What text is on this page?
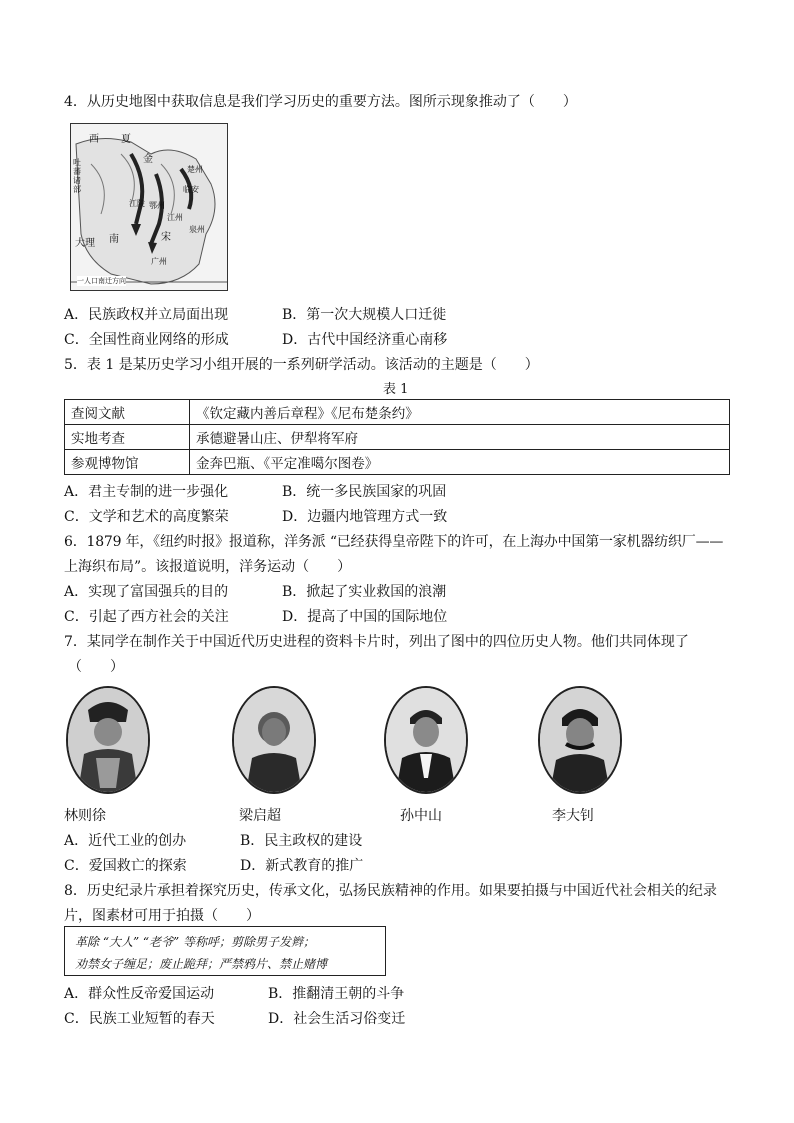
4．从历史地图中获取信息是我们学习历史的重要方法。图所示现象推动了（　　）
西 夏
金
吐蕃诸部
大理 南	宋
临安
鄂州
江陵
江州
广州
泉州
楚州
一人口南迁方向
A．民族政权并立局面出现	B．第一次大规模人口迁徙
C．全国性商业网络的形成	D．古代中国经济重心南移
5．表 1 是某历史学习小组开展的一系列研学活动。该活动的主题是（　　）
表 1
查阅文献	《钦定藏内善后章程》《尼布楚条约》
实地考查	承德避暑山庄、伊犁将军府
参观博物馆	金奔巴瓶、《平定准噶尔图卷》
A．君主专制的进一步强化	B．统一多民族国家的巩固
C．文学和艺术的高度繁荣	D．边疆内地管理方式一致
6．1879 年，《纽约时报》报道称，洋务派 “已经获得皇帝陛下的许可，在上海办中国第一家机器纺织厂——
上海织布局”。该报道说明，洋务运动（　　）
A．实现了富国强兵的目的	B．掀起了实业救国的浪潮
C．引起了西方社会的关注	D．提高了中国的国际地位
7．某同学在制作关于中国近代历史进程的资料卡片时，列出了图中的四位历史人物。他们共同体现了
（　　）
林则徐	梁启超	孙中山	李大钊
A．近代工业的创办	B．民主政权的建设
C．爱国救亡的探索	D．新式教育的推广
8．历史纪录片承担着探究历史，传承文化，弘扬民族精神的作用。如果要拍摄与中国近代社会相关的纪录
片，图素材可用于拍摄（　　）
革除 “大人” “老爷” 等称呼；剪除男子发辫；
劝禁女子缠足；废止跪拜；严禁鸦片、禁止赌博
A．群众性反帝爱国运动	B．推翻清王朝的斗争
C．民族工业短暂的春天	D．社会生活习俗变迁
